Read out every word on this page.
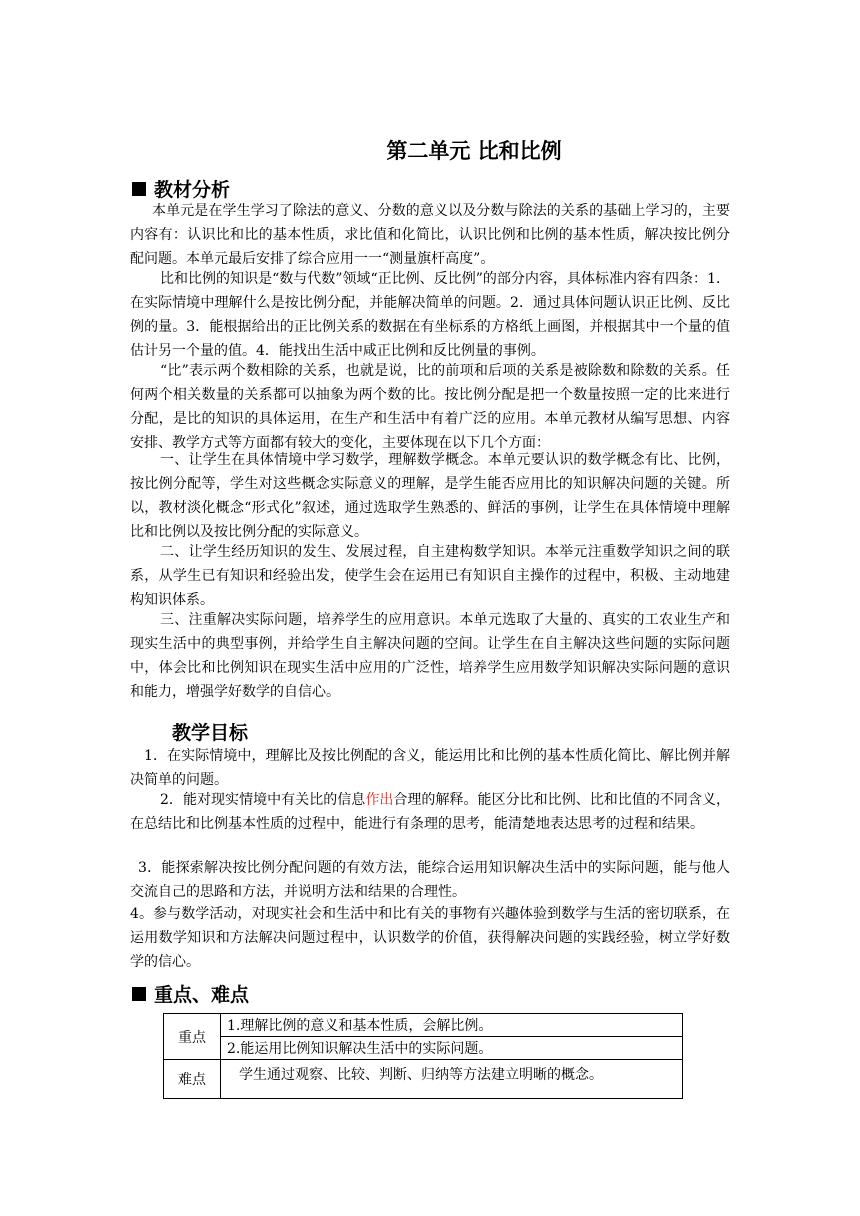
第二单元 比和比例
教材分析
本单元是在学生学习了除法的意义、分数的意义以及分数与除法的关系的基础上学习的，主要内容有：认识比和比的基本性质，求比值和化简比，认识比例和比例的基本性质，解决按比例分配问题。本单元最后安排了综合应用一一“测量旗杆高度”。
比和比例的知识是“数与代数”领域“正比例、反比例”的部分内容，具体标准内容有四条：1．在实际情境中理解什么是按比例分配，并能解决简单的问题。2．通过具体问题认识正比例、反比例的量。3．能根据给出的正比例关系的数据在有坐标系的方格纸上画图，并根据其中一个量的值估计另一个量的值。4．能找出生活中咸正比例和反比例量的事例。
“比”表示两个数相除的关系，也就是说，比的前项和后项的关系是被除数和除数的关系。任何两个相关数量的关系都可以抽象为两个数的比。按比例分配是把一个数量按照一定的比来进行分配，是比的知识的具体运用，在生产和生活中有着广泛的应用。本单元教材从编写思想、内容安排、教学方式等方面都有较大的变化，主要体现在以下几个方面：
一、让学生在具体情境中学习数学，理解数学概念。本单元要认识的数学概念有比、比例，按比例分配等，学生对这些概念实际意义的理解，是学生能否应用比的知识解决问题的关键。所以，教材淡化概念“形式化”叙述，通过选取学生熟悉的、鲜活的事例，让学生在具体情境中理解比和比例以及按比例分配的实际意义。
二、让学生经历知识的发生、发展过程，自主建构数学知识。本举元注重数学知识之间的联系，从学生已有知识和经验出发，使学生会在运用已有知识自主操作的过程中，积极、主动地建构知识体系。
三、注重解决实际问题，培养学生的应用意识。本单元选取了大量的、真实的工农业生产和现实生活中的典型事例，并给学生自主解决问题的空间。让学生在自主解决这些问题的实际问题中，体会比和比例知识在现实生活中应用的广泛性，培养学生应用数学知识解决实际问题的意识和能力，增强学好数学的自信心。
教学目标
1．在实际情境中，理解比及按比例配的含义，能运用比和比例的基本性质化简比、解比例并解决简单的问题。
2．能对现实情境中有关比的信息作出合理的解释。能区分比和比例、比和比值的不同含义，在总结比和比例基本性质的过程中，能进行有条理的思考，能清楚地表达思考的过程和结果。
3．能探索解决按比例分配问题的有效方法，能综合运用知识解决生活中的实际问题，能与他人交流自己的思路和方法，并说明方法和结果的合理性。
4。参与数学活动，对现实社会和生活中和比有关的事物有兴趣体验到数学与生活的密切联系，在运用数学知识和方法解决问题过程中，认识数学的价值，获得解决问题的实践经验，树立学好数学的信心。
重点、难点
重点	1.理解比例的意义和基本性质，会解比例。
	2.能运用比例知识解决生活中的实际问题。
难点	学生通过观察、比较、判断、归纳等方法建立明晰的概念。
